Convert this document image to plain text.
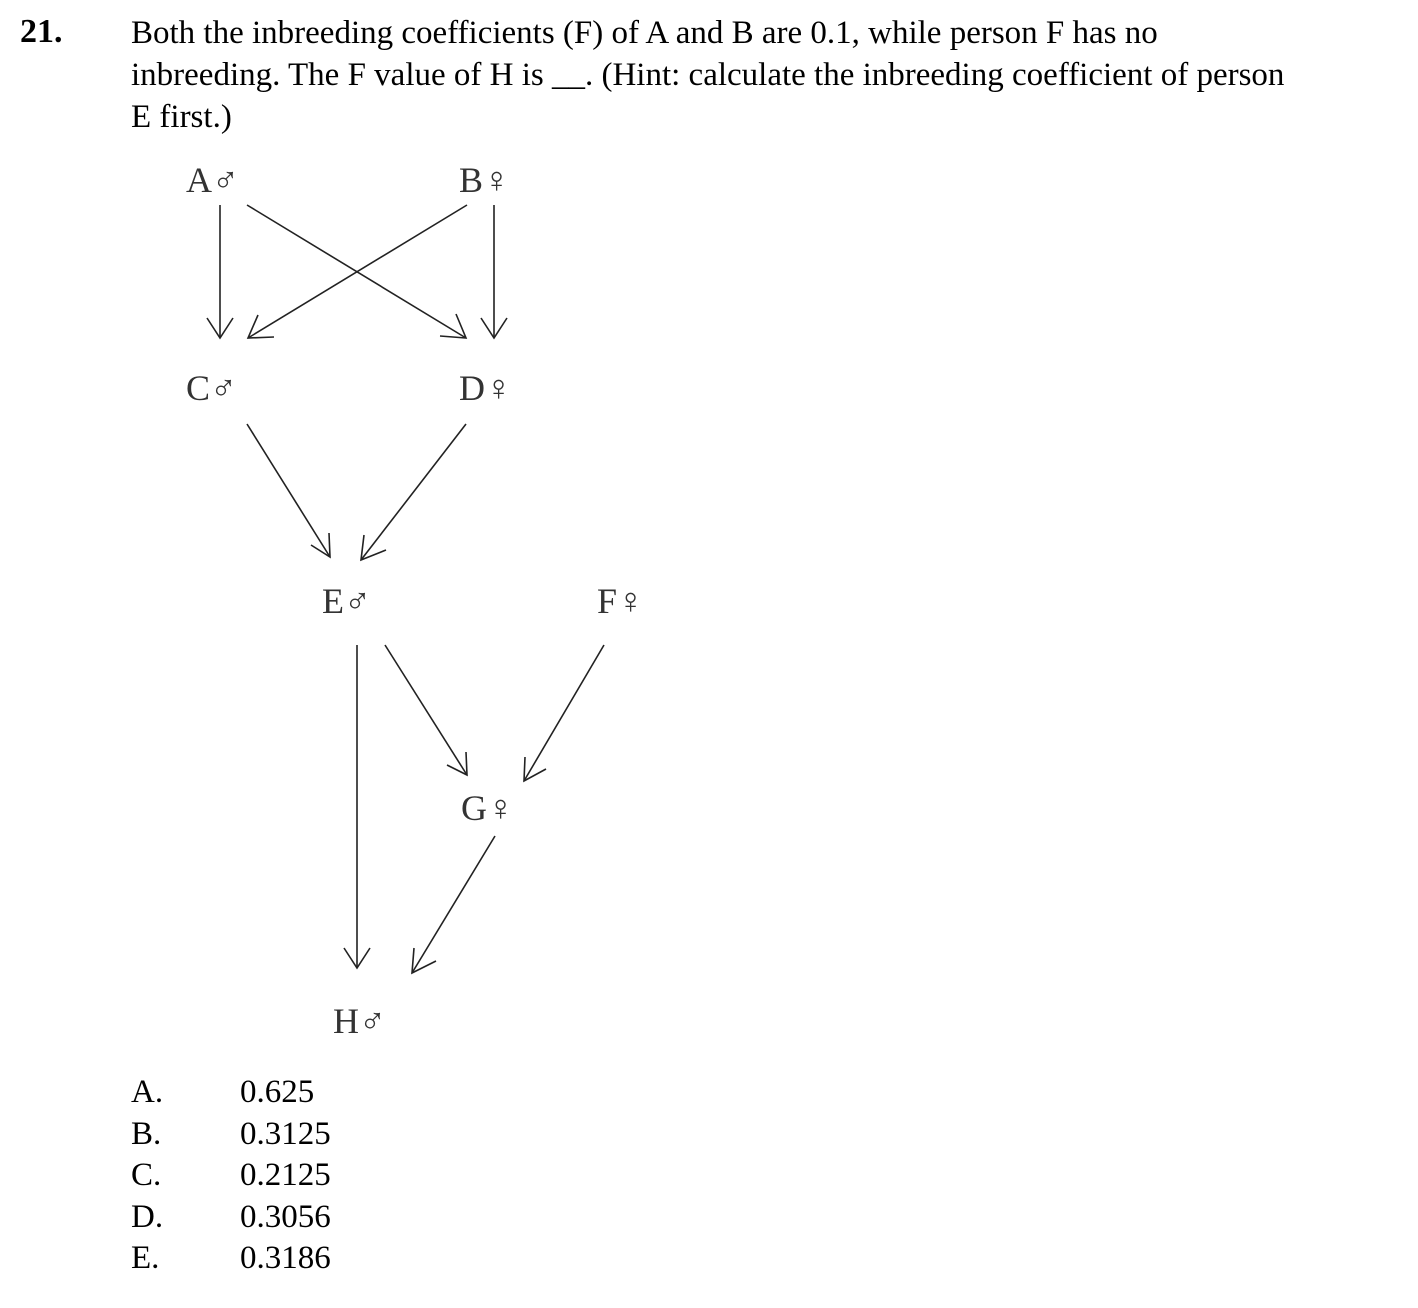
21. Both the inbreeding coefficients (F) of A and B are 0.1, while person F has no
inbreeding. The F value of H is __. (Hint: calculate the inbreeding coefficient of person
E first.)
A♂	B♀
C♂	D♀
E♂	F♀
G♀
H♂
A.	0.625
B.	0.3125
C.	0.2125
D.	0.3056
E.	0.3186
